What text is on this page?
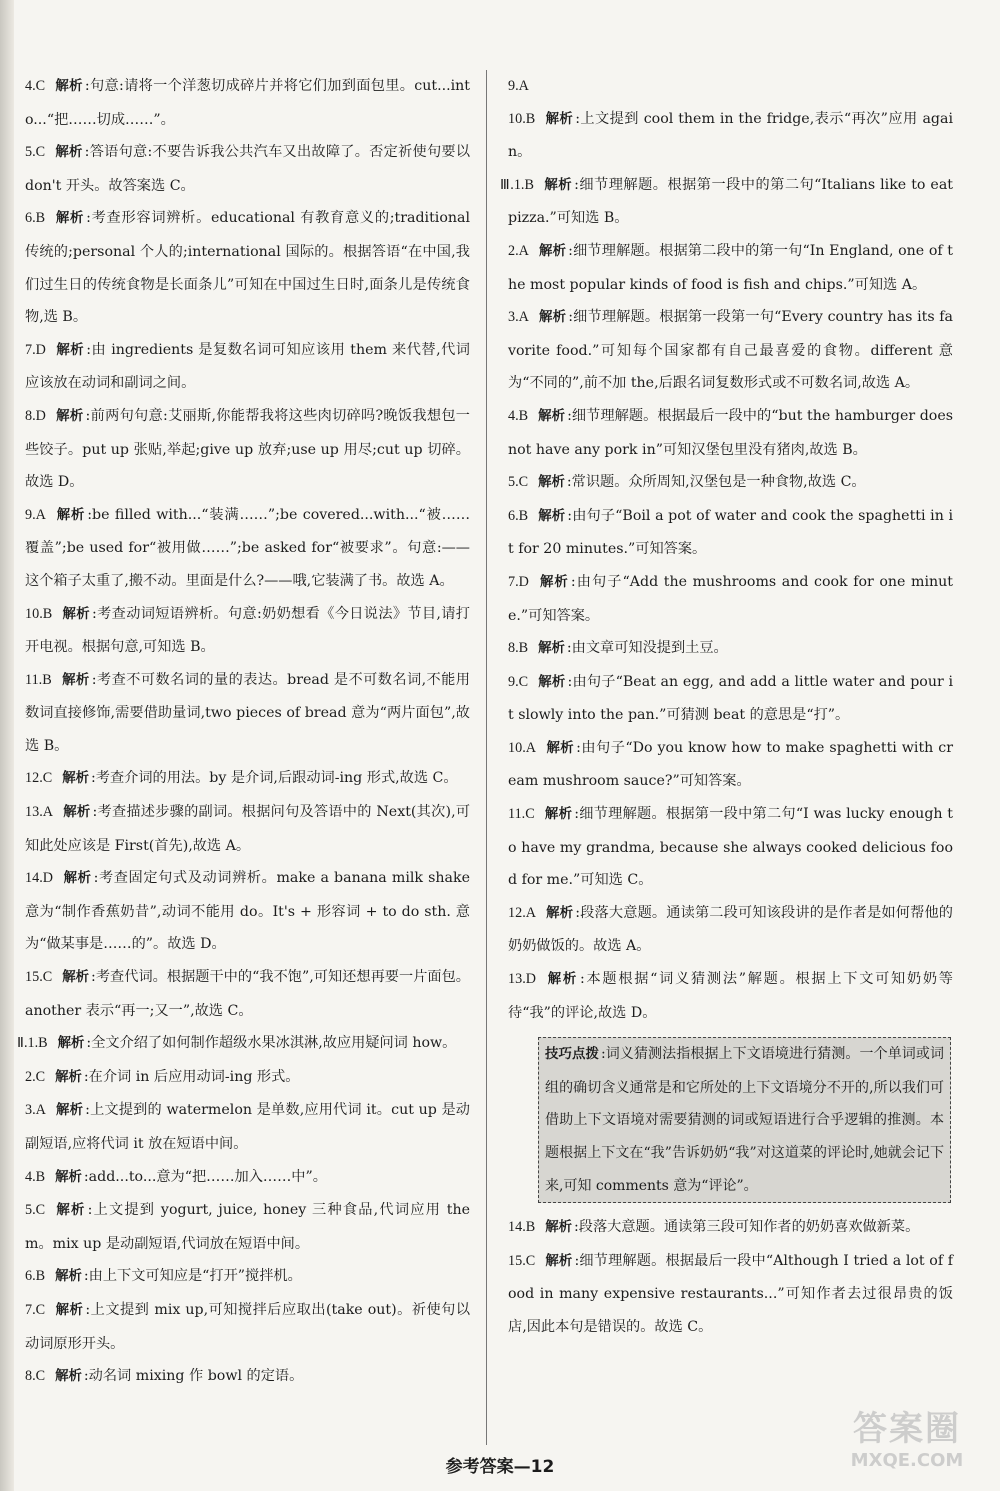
4.C 解析 :句意:请将一个洋葱切成碎片并将它们加到面包里。cut...into...“把……切成……”。

5.C 解析 :答语句意:不要告诉我公共汽车又出故障了。否定祈使句要以 don't 开头。故答案选 C。

6.B 解析 :考查形容词辨析。educational 有教育意义的;traditional 传统的;personal 个人的;international 国际的。根据答语“在中国,我们过生日的传统食物是长面条儿”可知在中国过生日时,面条儿是传统食物,选 B。

7.D 解析 :由 ingredients 是复数名词可知应该用 them 来代替,代词应该放在动词和副词之间。

8.D 解析 :前两句句意:艾丽斯,你能帮我将这些肉切碎吗?晚饭我想包一些饺子。put up 张贴,举起;give up 放弃;use up 用尽;cut up 切碎。故选 D。

9.A 解析 :be filled with...“装满……”;be covered...with...“被……覆盖”;be used for“被用做……”;be asked for“被要求”。句意:——这个箱子太重了,搬不动。里面是什么?——哦,它装满了书。故选 A。

10.B 解析 :考查动词短语辨析。句意:奶奶想看《今日说法》节目,请打开电视。根据句意,可知选 B。

11.B 解析 :考查不可数名词的量的表达。bread 是不可数名词,不能用数词直接修饰,需要借助量词,two pieces of bread 意为“两片面包”,故选 B。

12.C 解析 :考查介词的用法。by 是介词,后跟动词-ing 形式,故选 C。

13.A 解析 :考查描述步骤的副词。根据问句及答语中的 Next(其次),可知此处应该是 First(首先),故选 A。

14.D 解析 :考查固定句式及动词辨析。make a banana milk shake 意为“制作香蕉奶昔”,动词不能用 do。It's + 形容词 + to do sth. 意为“做某事是……的”。故选 D。

15.C 解析 :考查代词。根据题干中的“我不饱”,可知还想再要一片面包。another 表示“再一;又一”,故选 C。

Ⅱ.1.B 解析 :全文介绍了如何制作超级水果冰淇淋,故应用疑问词 how。

2.C 解析 :在介词 in 后应用动词-ing 形式。

3.A 解析 :上文提到的 watermelon 是单数,应用代词 it。cut up 是动副短语,应将代词 it 放在短语中间。

4.B 解析 :add...to...意为“把……加入……中”。

5.C 解析 :上文提到 yogurt, juice, honey 三种食品,代词应用 them。mix up 是动副短语,代词放在短语中间。

6.B 解析 :由上下文可知应是“打开”搅拌机。

7.C 解析 :上文提到 mix up,可知搅拌后应取出(take out)。祈使句以动词原形开头。

8.C 解析 :动名词 mixing 作 bowl 的定语。

9.A

10.B 解析 :上文提到 cool them in the fridge,表示“再次”应用 again。

Ⅲ.1.B 解析 :细节理解题。根据第一段中的第二句“Italians like to eat pizza.”可知选 B。

2.A 解析 :细节理解题。根据第二段中的第一句“In England, one of the most popular kinds of food is fish and chips.”可知选 A。

3.A 解析 :细节理解题。根据第一段第一句“Every country has its favorite food.”可知每个国家都有自己最喜爱的食物。different 意为“不同的”,前不加 the,后跟名词复数形式或不可数名词,故选 A。

4.B 解析 :细节理解题。根据最后一段中的“but the hamburger does not have any pork in”可知汉堡包里没有猪肉,故选 B。

5.C 解析 :常识题。众所周知,汉堡包是一种食物,故选 C。

6.B 解析 :由句子“Boil a pot of water and cook the spaghetti in it for 20 minutes.”可知答案。

7.D 解析 :由句子“Add the mushrooms and cook for one minute.”可知答案。

8.B 解析 :由文章可知没提到土豆。

9.C 解析 :由句子“Beat an egg, and add a little water and pour it slowly into the pan.”可猜测 beat 的意思是“打”。

10.A 解析 :由句子“Do you know how to make spaghetti with cream mushroom sauce?”可知答案。

11.C 解析 :细节理解题。根据第一段中第二句“I was lucky enough to have my grandma, because she always cooked delicious food for me.”可知选 C。

12.A 解析 :段落大意题。通读第二段可知该段讲的是作者是如何帮他的奶奶做饭的。故选 A。

13.D 解析 :本题根据“词义猜测法”解题。根据上下文可知奶奶等待“我”的评论,故选 D。

技巧点拨 :词义猜测法指根据上下文语境进行猜测。一个单词或词组的确切含义通常是和它所处的上下文语境分不开的,所以我们可借助上下文语境对需要猜测的词或短语进行合乎逻辑的推测。本题根据上下文在“我”告诉奶奶“我”对这道菜的评论时,她就会记下来,可知 comments 意为“评论”。

14.B 解析 :段落大意题。通读第三段可知作者的奶奶喜欢做新菜。

15.C 解析 :细节理解题。根据最后一段中“Although I tried a lot of food in many expensive restaurants...”可知作者去过很昂贵的饭店,因此本句是错误的。故选 C。

参考答案—12
答案圈
MXQE.COM
